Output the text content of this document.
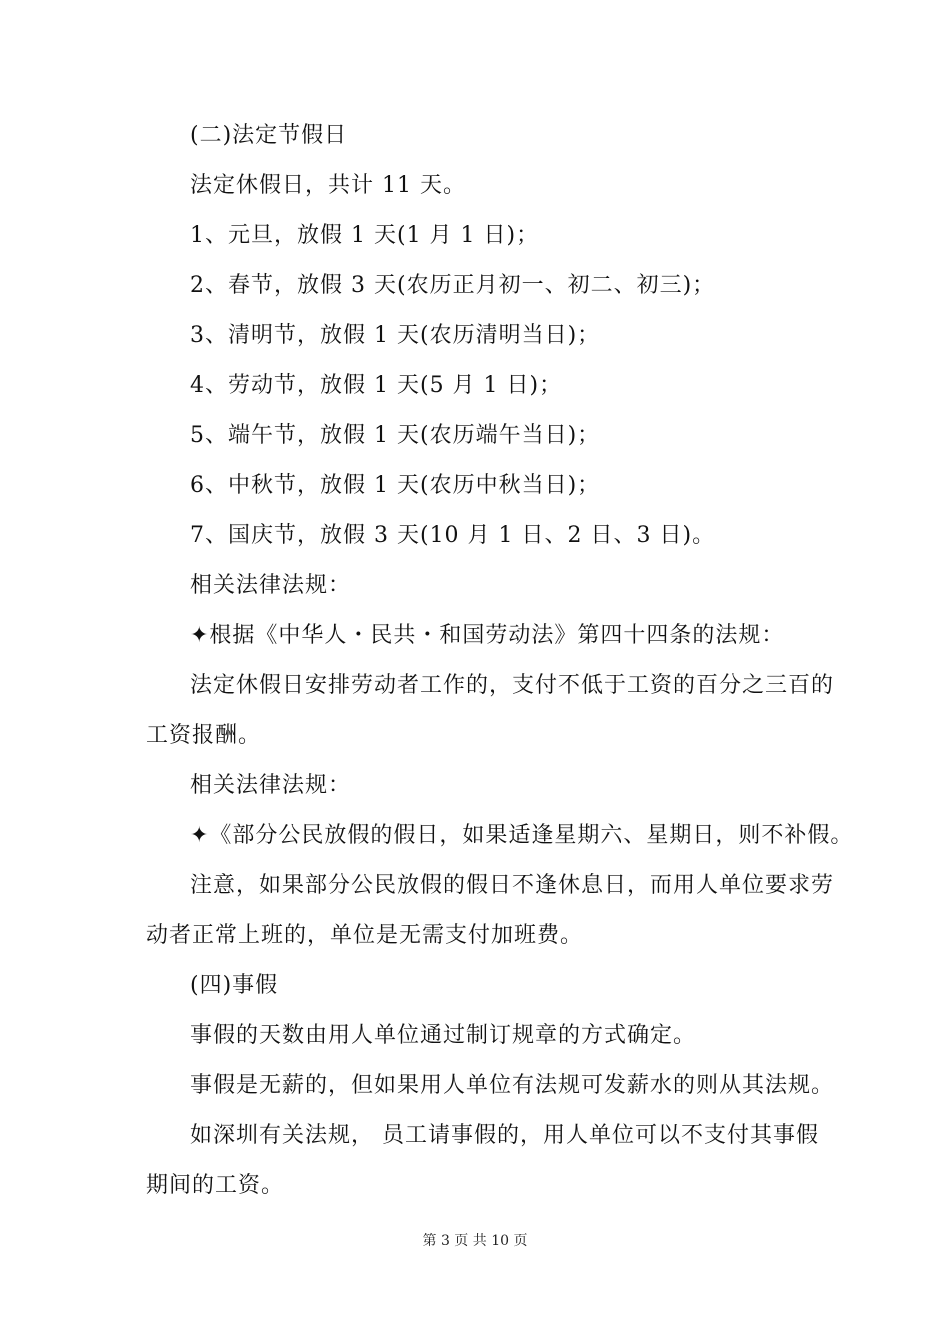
(二)法定节假日
法定休假日，共计 11 天。
1、元旦，放假 1 天(1 月 1 日)；
2、春节，放假 3 天(农历正月初一、初二、初三)；
3、清明节，放假 1 天(农历清明当日)；
4、劳动节，放假 1 天(5 月 1 日)；
5、端午节，放假 1 天(农历端午当日)；
6、中秋节，放假 1 天(农历中秋当日)；
7、国庆节，放假 3 天(10 月 1 日、2 日、3 日)。
相关法律法规：
✦根据《中华人・民共・和国劳动法》第四十四条的法规：
法定休假日安排劳动者工作的，支付不低于工资的百分之三百的
工资报酬。
相关法律法规：
✦《部分公民放假的假日，如果适逢星期六、星期日，则不补假。
注意，如果部分公民放假的假日不逢休息日，而用人单位要求劳
动者正常上班的，单位是无需支付加班费。
(四)事假
事假的天数由用人单位通过制订规章的方式确定。
事假是无薪的，但如果用人单位有法规可发薪水的则从其法规。
如深圳有关法规， 员工请事假的，用人单位可以不支付其事假
期间的工资。
第 3 页 共 10 页
